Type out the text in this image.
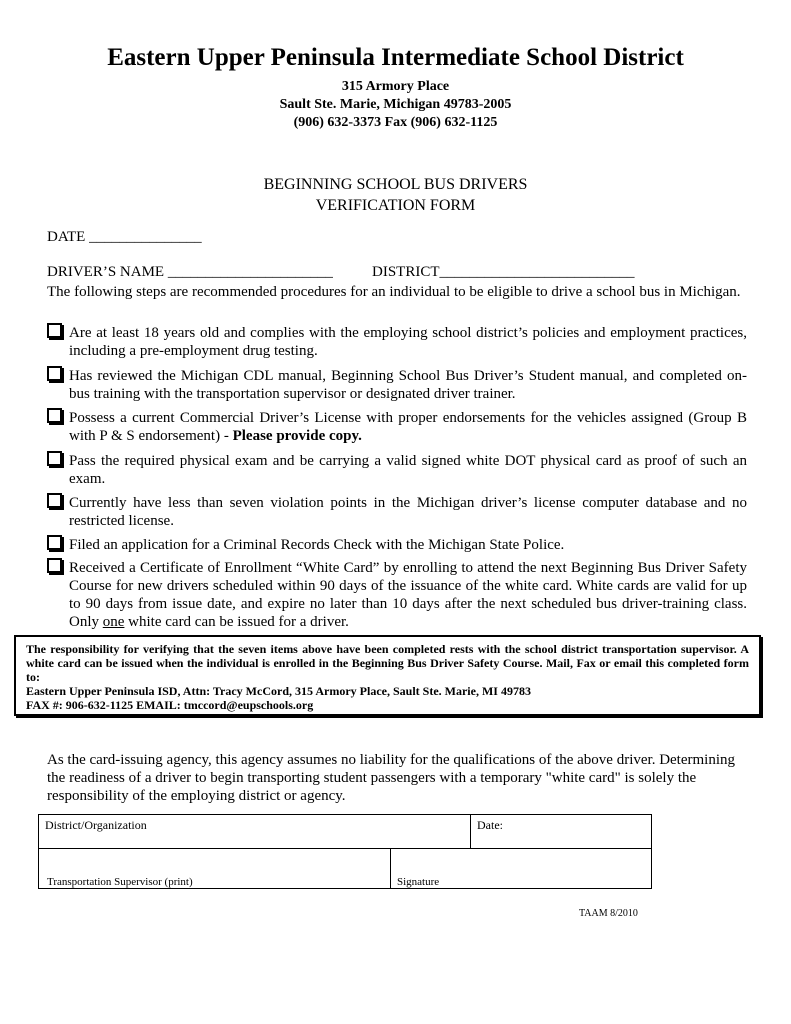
Eastern Upper Peninsula Intermediate School District
315 Armory Place
Sault Ste. Marie, Michigan 49783-2005
(906) 632-3373 Fax (906) 632-1125
BEGINNING SCHOOL BUS DRIVERS
VERIFICATION FORM
DATE _______________
DRIVER’S NAME ______________________	DISTRICT__________________________
The following steps are recommended procedures for an individual to be eligible to drive a school bus in Michigan.
Are at least 18 years old and complies with the employing school district’s policies and employment practices, including a pre-employment drug testing.
Has reviewed the Michigan CDL manual, Beginning School Bus Driver’s Student manual, and completed on-bus training with the transportation supervisor or designated driver trainer.
Possess a current Commercial Driver’s License with proper endorsements for the vehicles assigned (Group B with P & S endorsement) - Please provide copy.
Pass the required physical exam and be carrying a valid signed white DOT physical card as proof of such an exam.
Currently have less than seven violation points in the Michigan driver’s license computer database and no restricted license.
Filed an application for a Criminal Records Check with the Michigan State Police.
Received a Certificate of Enrollment “White Card” by enrolling to attend the next Beginning Bus Driver Safety Course for new drivers scheduled within 90 days of the issuance of the white card. White cards are valid for up to 90 days from issue date, and expire no later than 10 days after the next scheduled bus driver-training class. Only one white card can be issued for a driver.
The responsibility for verifying that the seven items above have been completed rests with the school district transportation supervisor. A white card can be issued when the individual is enrolled in the Beginning Bus Driver Safety Course. Mail, Fax or email this completed form to:
Eastern Upper Peninsula ISD, Attn: Tracy McCord, 315 Armory Place, Sault Ste. Marie, MI 49783
FAX #: 906-632-1125 EMAIL: tmccord@eupschools.org
As the card-issuing agency, this agency assumes no liability for the qualifications of the above driver. Determining the readiness of a driver to begin transporting student passengers with a temporary "white card" is solely the responsibility of the employing district or agency.
District/Organization	Date:
Transportation Supervisor (print)	Signature
TAAM 8/2010
